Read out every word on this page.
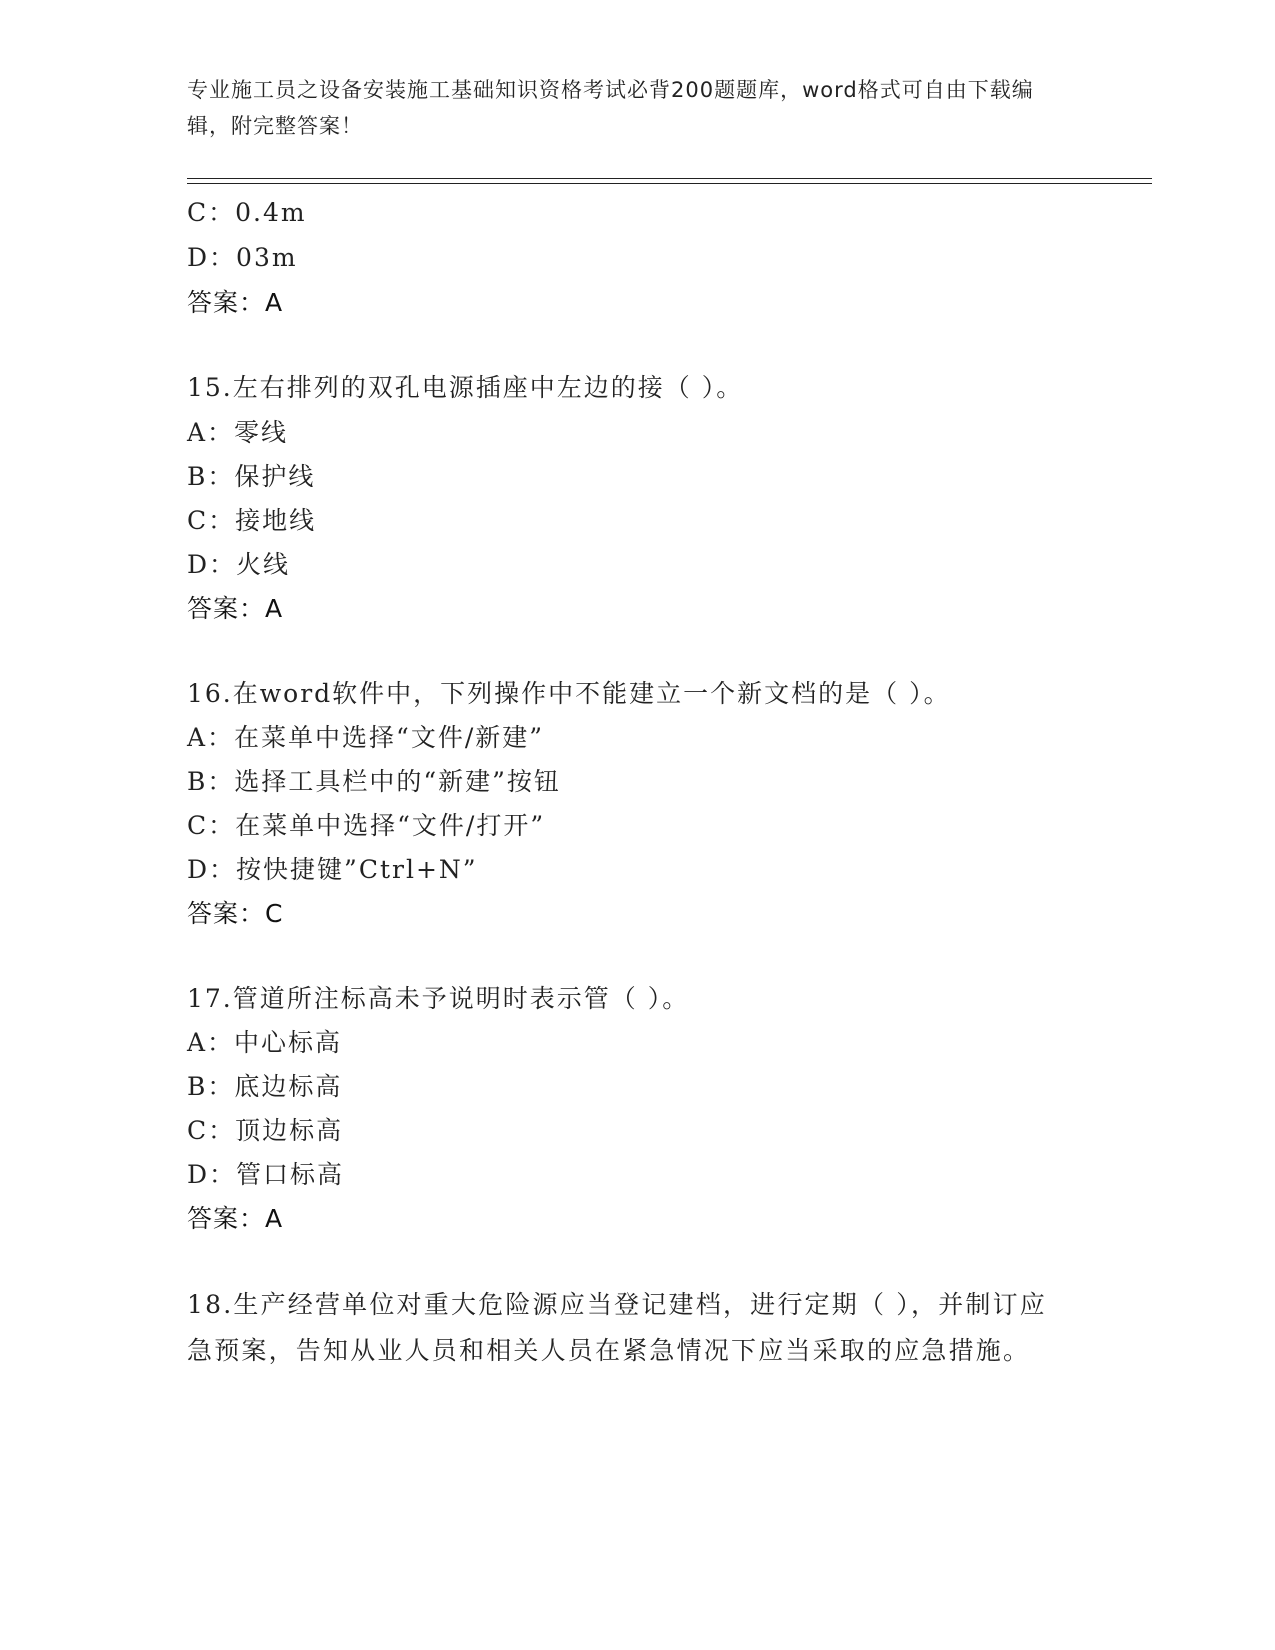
专业施工员之设备安装施工基础知识资格考试必背200题题库，word格式可自由下载编辑，附完整答案！
C：0.4m
D：03m
答案：A
15.左右排列的双孔电源插座中左边的接（ ）。
A：零线
B：保护线
C：接地线
D：火线
答案：A
16.在word软件中，下列操作中不能建立一个新文档的是（ ）。
A：在菜单中选择“文件/新建”
B：选择工具栏中的“新建”按钮
C：在菜单中选择“文件/打开”
D：按快捷键”Ctrl+N”
答案：C
17.管道所注标高未予说明时表示管（ ）。
A：中心标高
B：底边标高
C：顶边标高
D：管口标高
答案：A
18.生产经营单位对重大危险源应当登记建档，进行定期（ ），并制订应急预案，告知从业人员和相关人员在紧急情况下应当采取的应急措施。
